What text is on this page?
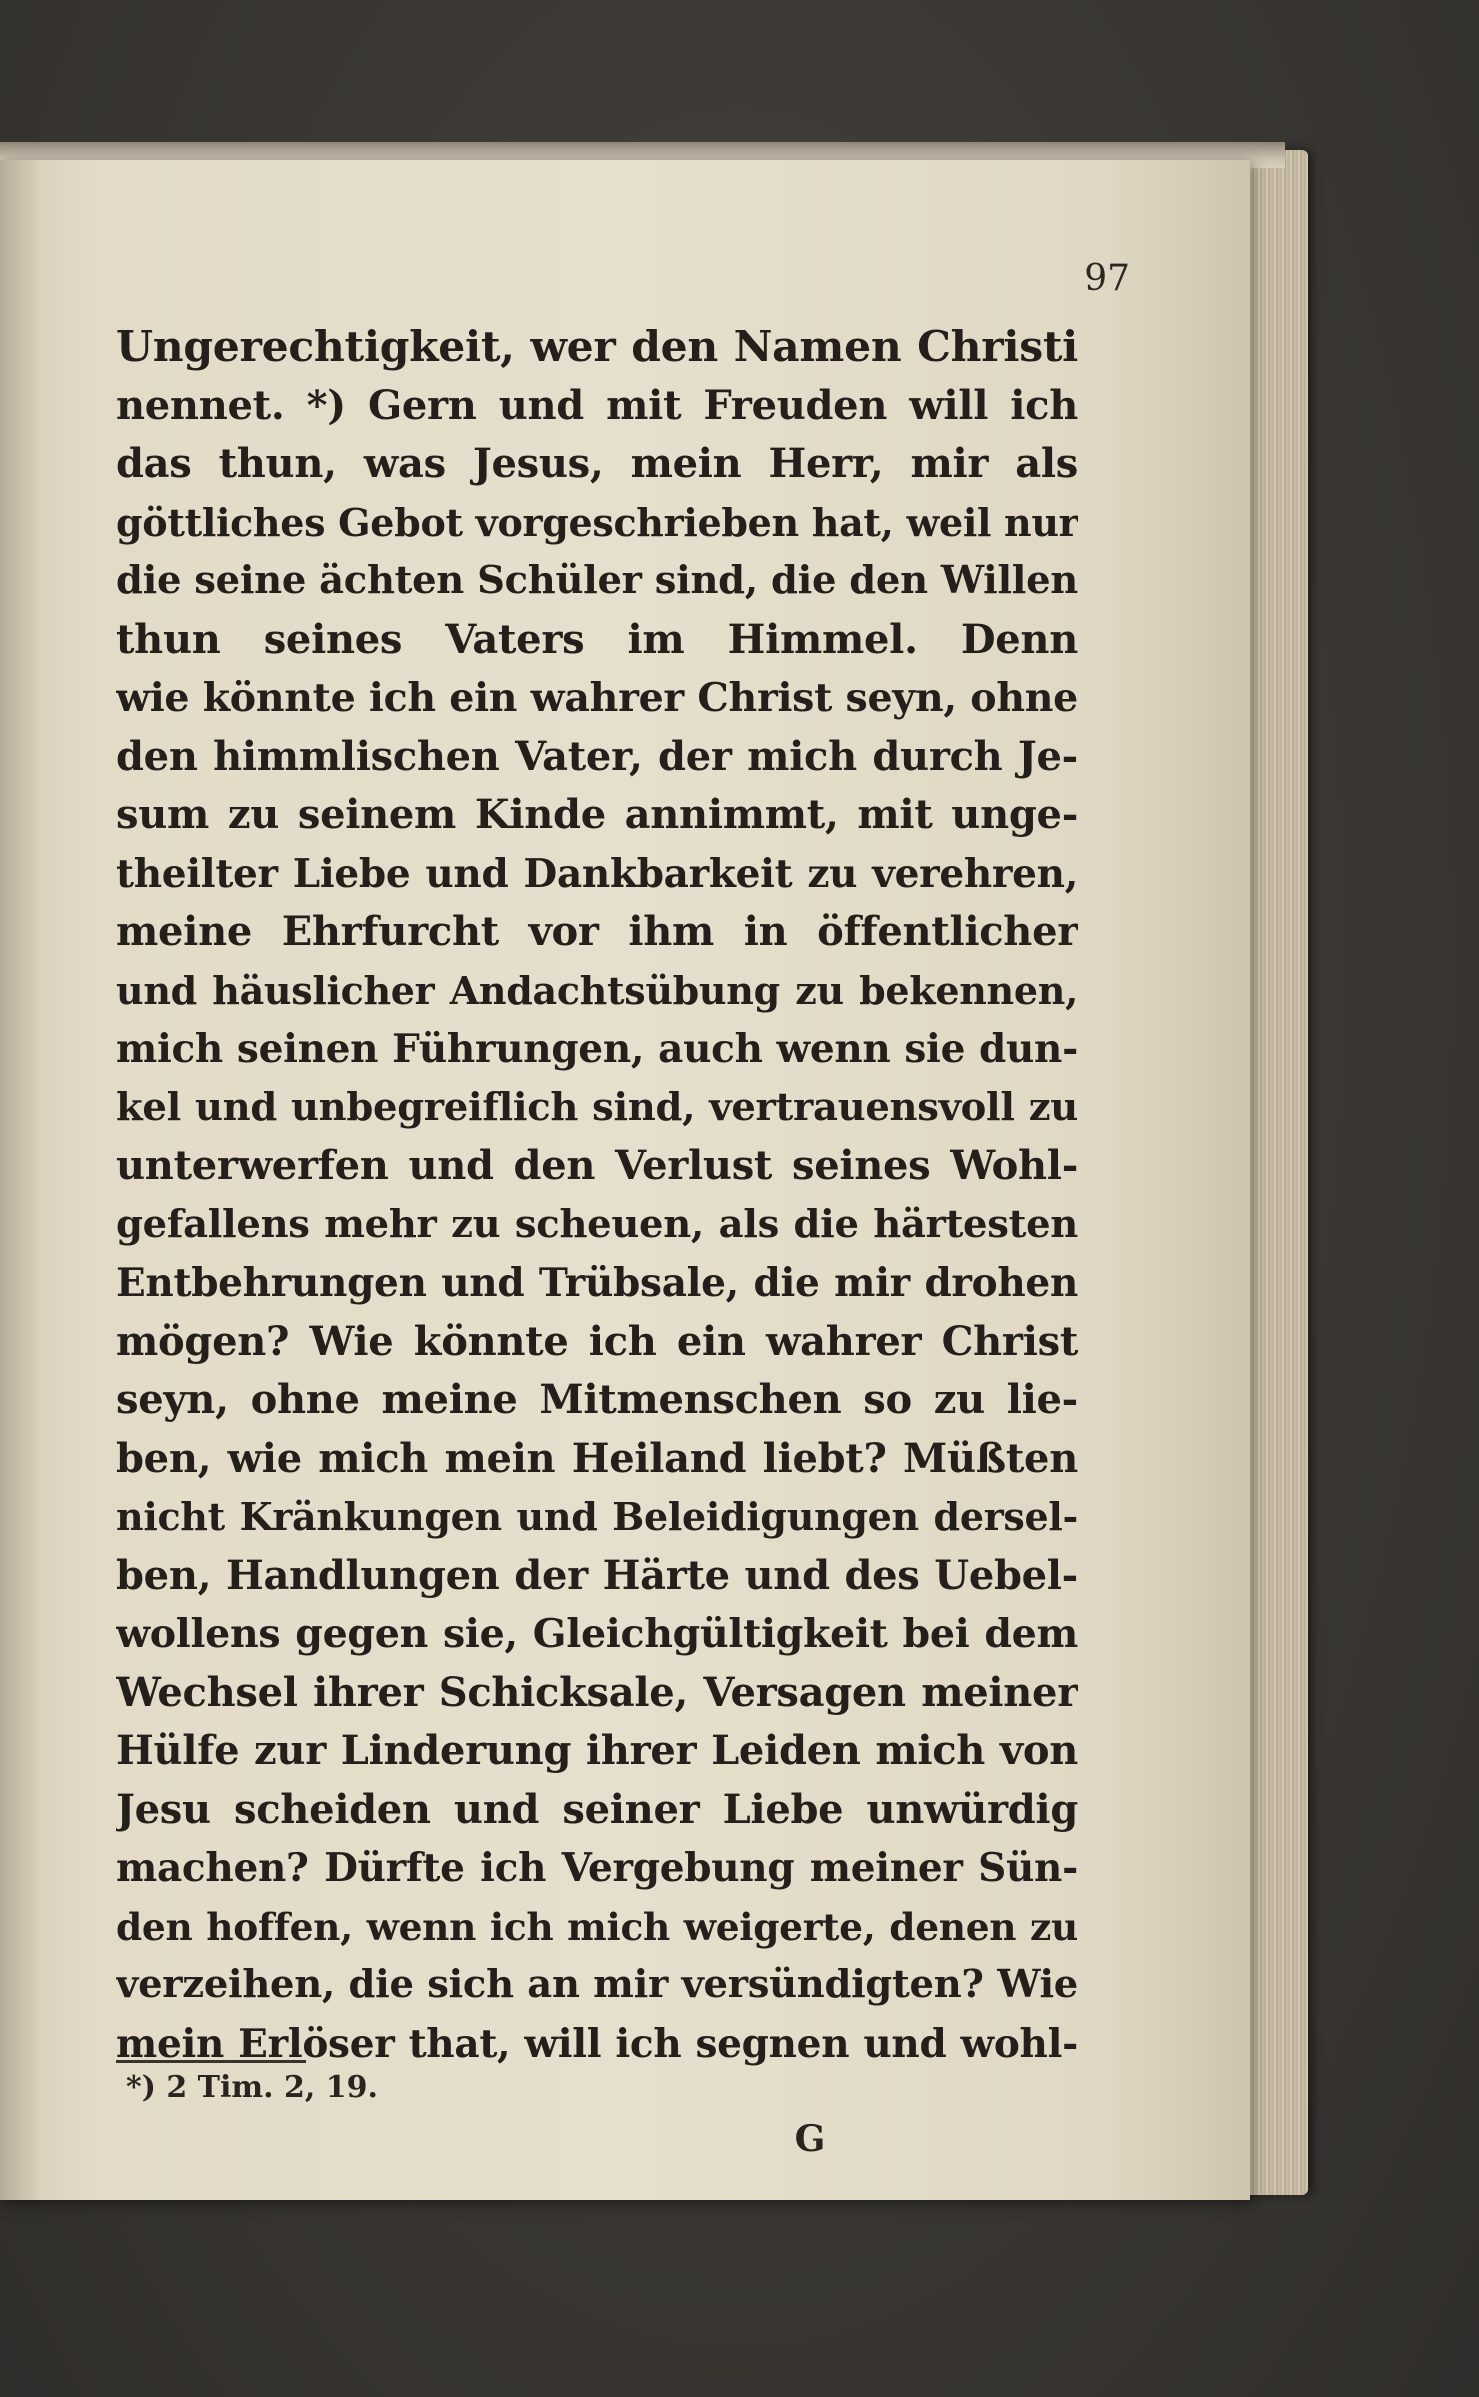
97
Ungerechtigkeit, wer den Namen Christi
nennet. *) Gern und mit Freuden will ich
das thun, was Jesus, mein Herr, mir als
göttliches Gebot vorgeschrieben hat, weil nur
die seine ächten Schüler sind, die den Willen
thun seines Vaters im Himmel. Denn
wie könnte ich ein wahrer Christ seyn, ohne
den himmlischen Vater, der mich durch Je-
sum zu seinem Kinde annimmt, mit unge-
theilter Liebe und Dankbarkeit zu verehren,
meine Ehrfurcht vor ihm in öffentlicher
und häuslicher Andachtsübung zu bekennen,
mich seinen Führungen, auch wenn sie dun-
kel und unbegreiflich sind, vertrauensvoll zu
unterwerfen und den Verlust seines Wohl-
gefallens mehr zu scheuen, als die härtesten
Entbehrungen und Trübsale, die mir drohen
mögen? Wie könnte ich ein wahrer Christ
seyn, ohne meine Mitmenschen so zu lie-
ben, wie mich mein Heiland liebt? Müßten
nicht Kränkungen und Beleidigungen dersel-
ben, Handlungen der Härte und des Uebel-
wollens gegen sie, Gleichgültigkeit bei dem
Wechsel ihrer Schicksale, Versagen meiner
Hülfe zur Linderung ihrer Leiden mich von
Jesu scheiden und seiner Liebe unwürdig
machen? Dürfte ich Vergebung meiner Sün-
den hoffen, wenn ich mich weigerte, denen zu
verzeihen, die sich an mir versündigten? Wie
mein Erlöser that, will ich segnen und wohl-
*) 2 Tim. 2, 19.
G
